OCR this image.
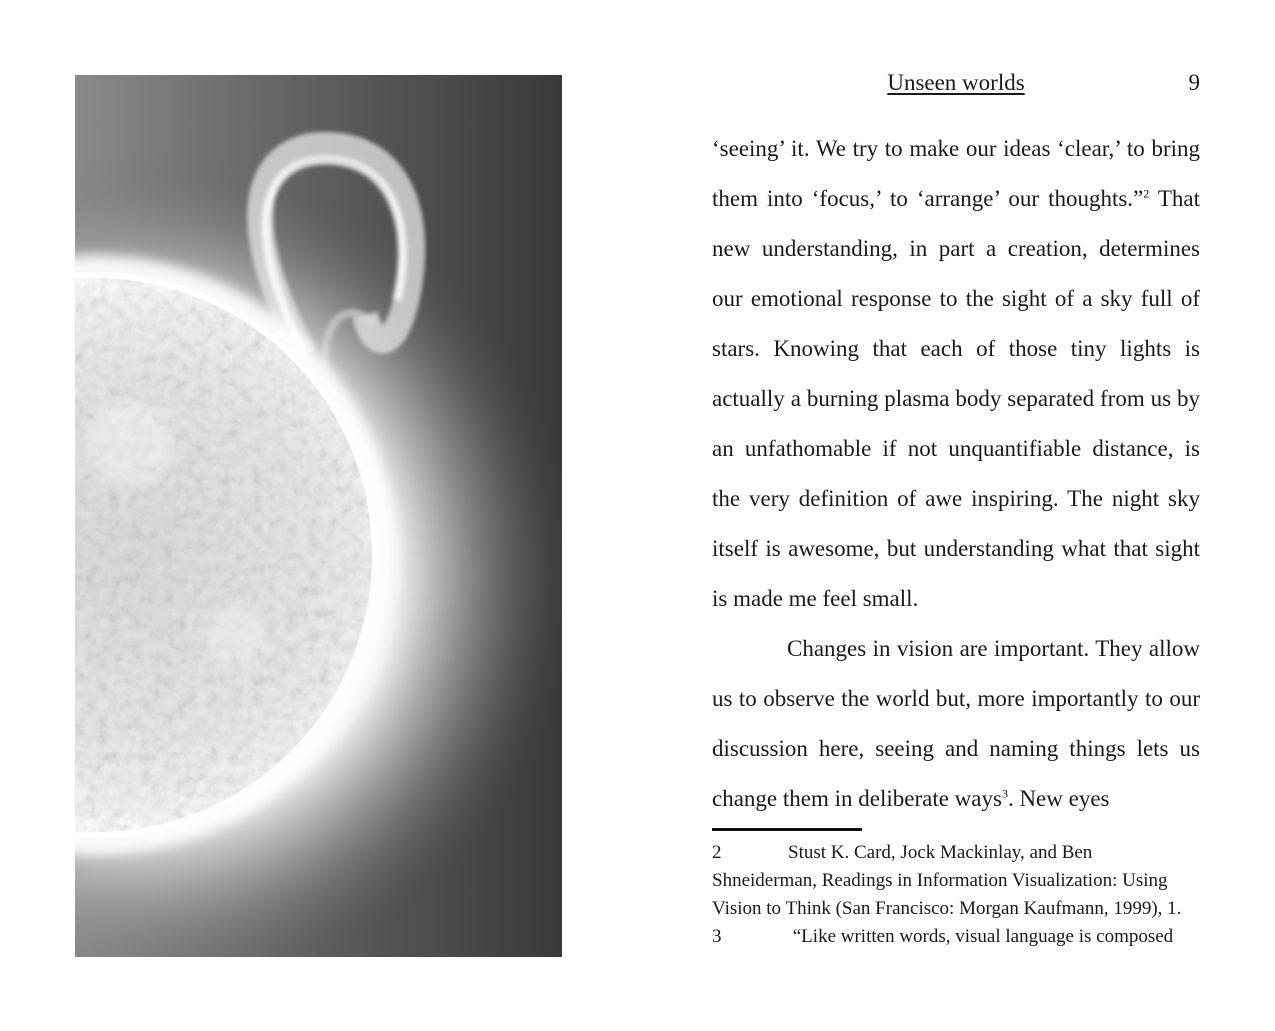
Unseen worlds	9

‘seeing’ it. We try to make our ideas ‘clear,’ to bring them into ‘focus,’ to ‘arrange’ our thoughts.”$^2$ That new understanding, in part a creation, determines our emotional response to the sight of a sky full of stars. Knowing that each of those tiny lights is actually a burning plasma body separated from us by an unfathomable if not unquantifiable distance, is the very definition of awe inspiring. The night sky itself is awesome, but understanding what that sight is made me feel small.

Changes in vision are important. They allow us to observe the world but, more importantly to our discussion here, seeing and naming things lets us change them in deliberate ways$^3$. New eyes

2	Stust K. Card, Jock Mackinlay, and Ben Shneiderman, Readings in Information Visualization: Using Vision to Think (San Francisco: Morgan Kaufmann, 1999), 1.

3	“Like written words, visual language is composed
